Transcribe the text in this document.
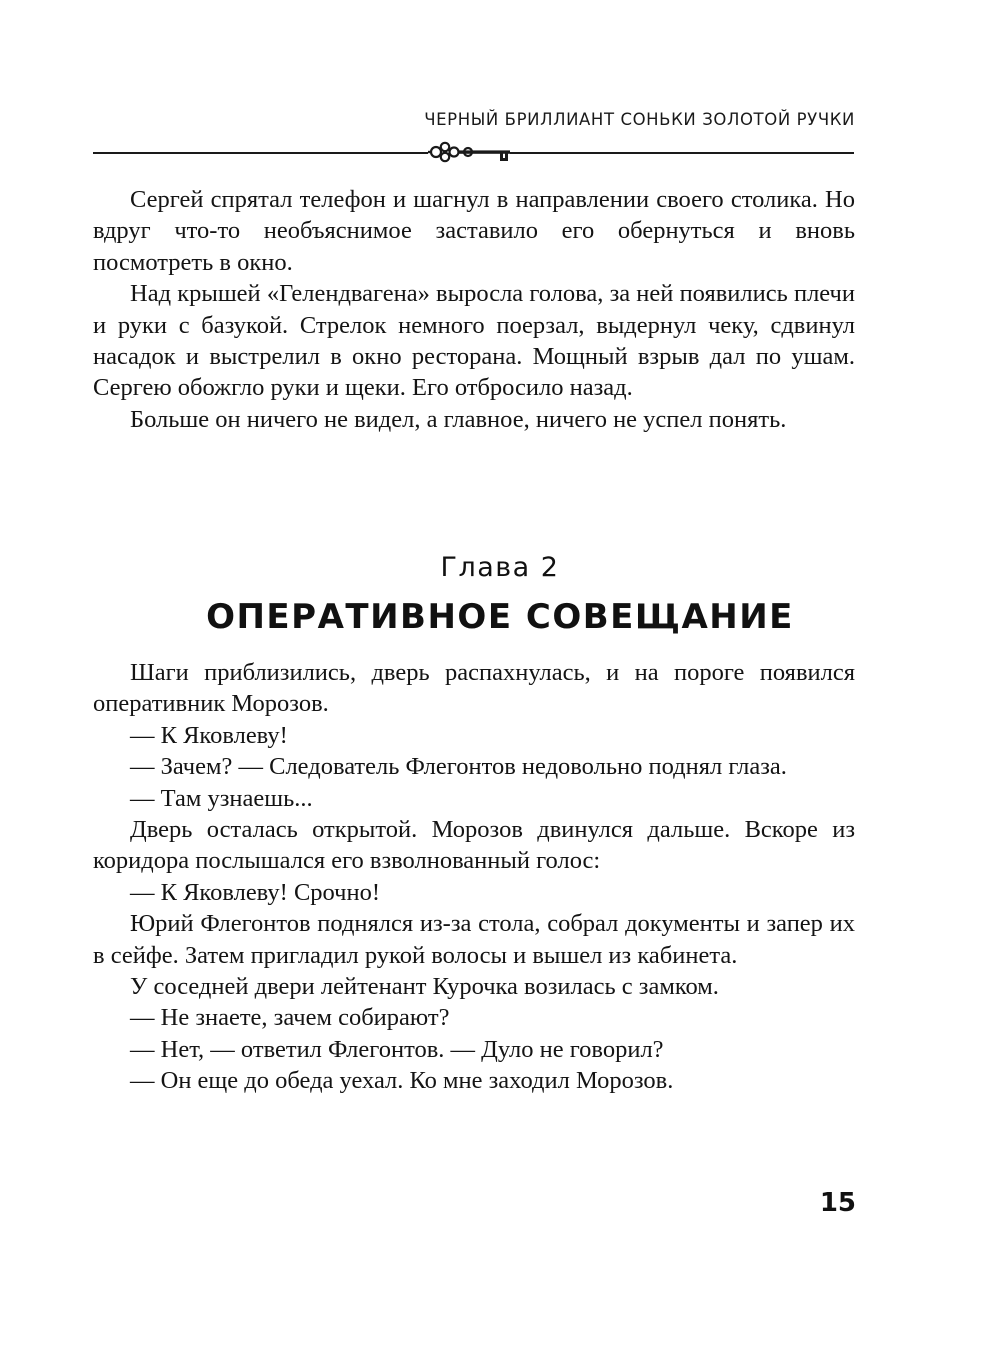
ЧЕРНЫЙ БРИЛЛИАНТ СОНЬКИ ЗОЛОТОЙ РУЧКИ

Сергей спрятал телефон и шагнул в направлении своего столика. Но вдруг что-то необъяснимое заставило его обернуться и вновь посмотреть в окно.

Над крышей «Гелендвагена» выросла голова, за ней появились плечи и руки с базукой. Стрелок немного поерзал, выдернул чеку, сдвинул насадок и выстрелил в окно ресторана. Мощный взрыв дал по ушам. Сергею обожгло руки и щеки. Его отбросило назад.

Больше он ничего не видел, а главное, ничего не успел понять.

Глава 2
ОПЕРАТИВНОЕ СОВЕЩАНИЕ

Шаги приблизились, дверь распахнулась, и на пороге появился оперативник Морозов.

— К Яковлеву!

— Зачем? — Следователь Флегонтов недовольно поднял глаза.

— Там узнаешь...

Дверь осталась открытой. Морозов двинулся дальше. Вскоре из коридора послышался его взволнованный голос:

— К Яковлеву! Срочно!

Юрий Флегонтов поднялся из-за стола, собрал документы и запер их в сейфе. Затем пригладил рукой волосы и вышел из кабинета.

У соседней двери лейтенант Курочка возилась с замком.

— Не знаете, зачем собирают?

— Нет, — ответил Флегонтов. — Дуло не говорил?

— Он еще до обеда уехал. Ко мне заходил Морозов.

15
